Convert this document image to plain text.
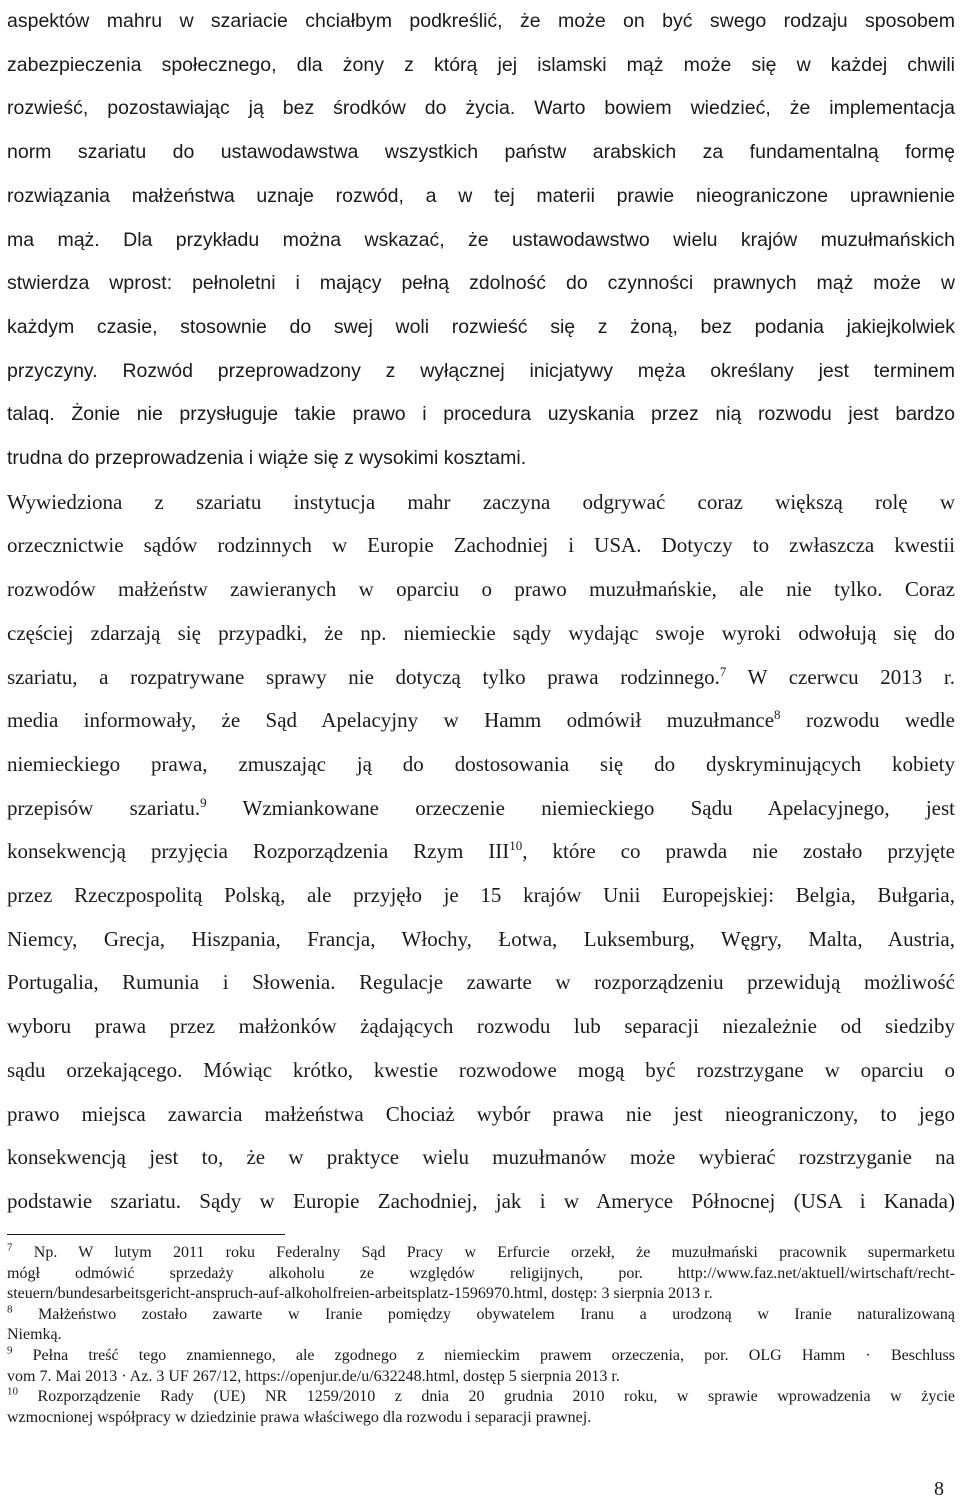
aspektów mahru w szariacie chciałbym podkreślić, że może on być swego rodzaju sposobem
zabezpieczenia społecznego, dla żony z którą jej islamski mąż może się w każdej chwili
rozwieść, pozostawiając ją bez środków do życia. Warto bowiem wiedzieć, że implementacja
norm szariatu do ustawodawstwa wszystkich państw arabskich za fundamentalną formę
rozwiązania małżeństwa uznaje rozwód, a w tej materii prawie nieograniczone uprawnienie
ma mąż. Dla przykładu można wskazać, że ustawodawstwo wielu krajów muzułmańskich
stwierdza wprost: pełnoletni i mający pełną zdolność do czynności prawnych mąż może w
każdym czasie, stosownie do swej woli rozwieść się z żoną, bez podania jakiejkolwiek
przyczyny. Rozwód przeprowadzony z wyłącznej inicjatywy męża określany jest terminem
talaq. Żonie nie przysługuje takie prawo i procedura uzyskania przez nią rozwodu jest bardzo
trudna do przeprowadzenia i wiąże się z wysokimi kosztami.
Wywiedziona z szariatu instytucja mahr zaczyna odgrywać coraz większą rolę w
orzecznictwie sądów rodzinnych w Europie Zachodniej i USA. Dotyczy to zwłaszcza kwestii
rozwodów małżeństw zawieranych w oparciu o prawo muzułmańskie, ale nie tylko. Coraz
częściej zdarzają się przypadki, że np. niemieckie sądy wydając swoje wyroki odwołują się do
szariatu, a rozpatrywane sprawy nie dotyczą tylko prawa rodzinnego.$^7$ W czerwcu 2013 r.
media informowały, że Sąd Apelacyjny w Hamm odmówił muzułmance$^8$ rozwodu wedle
niemieckiego prawa, zmuszając ją do dostosowania się do dyskryminujących kobiety
przepisów szariatu.$^9$ Wzmiankowane orzeczenie niemieckiego Sądu Apelacyjnego, jest
konsekwencją przyjęcia Rozporządzenia Rzym III$^{10}$, które co prawda nie zostało przyjęte
przez Rzeczpospolitą Polską, ale przyjęło je 15 krajów Unii Europejskiej: Belgia, Bułgaria,
Niemcy, Grecja, Hiszpania, Francja, Włochy, Łotwa, Luksemburg, Węgry, Malta, Austria,
Portugalia, Rumunia i Słowenia. Regulacje zawarte w rozporządzeniu przewidują możliwość
wyboru prawa przez małżonków żądających rozwodu lub separacji niezależnie od siedziby
sądu orzekającego. Mówiąc krótko, kwestie rozwodowe mogą być rozstrzygane w oparciu o
prawo miejsca zawarcia małżeństwa Chociaż wybór prawa nie jest nieograniczony, to jego
konsekwencją jest to, że w praktyce wielu muzułmanów może wybierać rozstrzyganie na
podstawie szariatu. Sądy w Europie Zachodniej, jak i w Ameryce Północnej (USA i Kanada)
$^7$ Np. W lutym 2011 roku Federalny Sąd Pracy w Erfurcie orzekł, że muzułmański pracownik supermarketu
mógł odmówić sprzedaży alkoholu ze względów religijnych, por. http://www.faz.net/aktuell/wirtschaft/recht-
steuern/bundesarbeitsgericht-anspruch-auf-alkoholfreien-arbeitsplatz-1596970.html, dostęp: 3 sierpnia 2013 r.
$^8$ Małżeństwo zostało zawarte w Iranie pomiędzy obywatelem Iranu a urodzoną w Iranie naturalizowaną
Niemką.
$^9$ Pełna treść tego znamiennego, ale zgodnego z niemieckim prawem orzeczenia, por. OLG Hamm · Beschluss
vom 7. Mai 2013 · Az. 3 UF 267/12, https://openjur.de/u/632248.html, dostęp 5 sierpnia 2013 r.
$^{10}$ Rozporządzenie Rady (UE) NR 1259/2010 z dnia 20 grudnia 2010 roku, w sprawie wprowadzenia w życie
wzmocnionej współpracy w dziedzinie prawa właściwego dla rozwodu i separacji prawnej.
8
